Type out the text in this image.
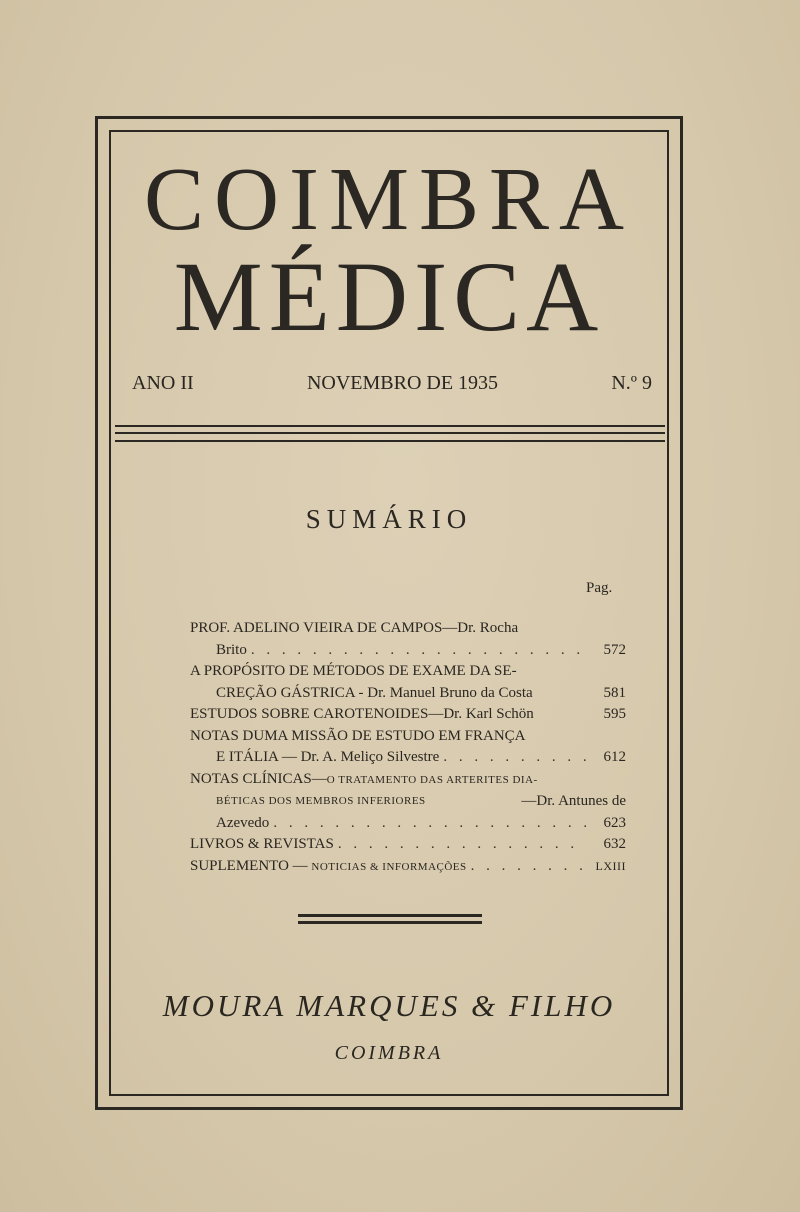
COIMBRA
MÉDICA
ANO II	NOVEMBRO DE 1935	N.º 9
SUMÁRIO
Pag.
PROF. ADELINO VIEIRA DE CAMPOS—Dr. Rocha
Brito . . .	572
A PROPÓSITO DE MÉTODOS DE EXAME DA SE-
CREÇÃO GÁSTRICA - Dr. Manuel Bruno da Costa	581
ESTUDOS SOBRE CAROTENOIDES—Dr. Karl Schön	595
NOTAS DUMA MISSÃO DE ESTUDO EM FRANÇA
E ITÁLIA — Dr. A. Meliço Silvestre . . .	612
NOTAS CLÍNICAS—O TRATAMENTO DAS ARTERITES DIA-
BÉTICAS DOS MEMBROS INFERIORES	—Dr. Antunes de
Azevedo . . .	623
LIVROS & REVISTAS . . .	632
SUPLEMENTO — NOTICIAS & INFORMAÇÕES . . .	LXIII
MOURA MARQUES & FILHO
COIMBRA
